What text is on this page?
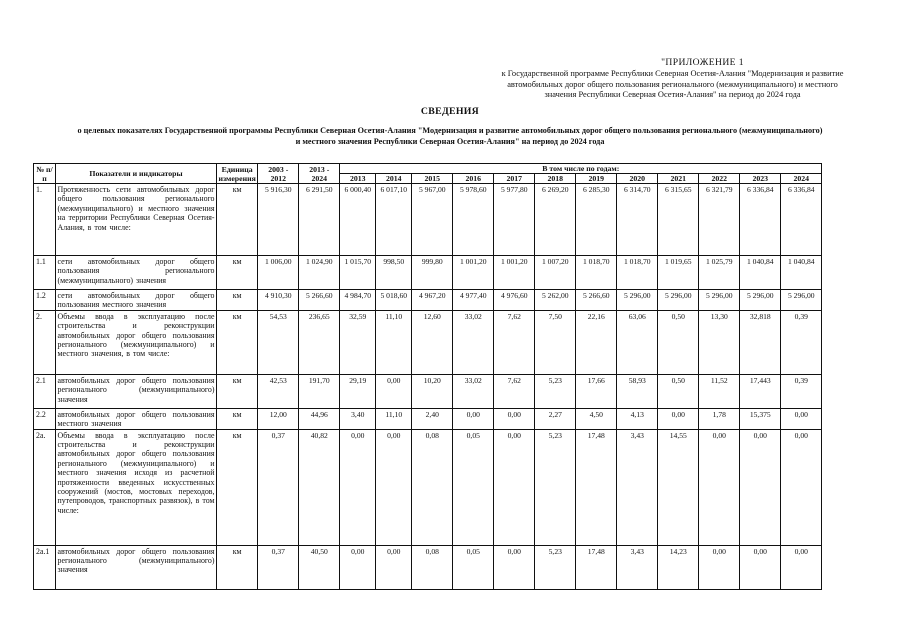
"ПРИЛОЖЕНИЕ 1
к Государственной программе Республики Северная Осетия-Алания "Модернизация и развитие
автомобильных дорог общего пользования регионального (межмуниципального) и местного
значения Республики Северная Осетия-Алания" на период до 2024 года
СВЕДЕНИЯ
о целевых показателях Государственной программы Республики Северная Осетия-Алания "Модернизация и развитие автомобильных дорог общего пользования регионального (межмуниципального)
и местного значения Республики Северная Осетия-Алания" на период до 2024 года
№ п/п	Показатели и индикаторы	Единица измерения	2003 - 2012	2013 - 2024	В том числе по годам:											
					2013	2014	2015	2016	2017	2018	2019	2020	2021	2022	2023	2024
1.	Протяженность сети автомобильных дорог общего пользования регионального (межмуниципального) и местного значения на территории Республики Северная Осетия-Алания, в том числе:	км	5 916,30	6 291,50	6 000,40	6 017,10	5 967,00	5 978,60	5 977,80	6 269,20	6 285,30	6 314,70	6 315,65	6 321,79	6 336,84	6 336,84
1.1	сети автомобильных дорог общего пользования регионального (межмуниципального) значения	км	1 006,00	1 024,90	1 015,70	998,50	999,80	1 001,20	1 001,20	1 007,20	1 018,70	1 018,70	1 019,65	1 025,79	1 040,84	1 040,84
1.2	сети автомобильных дорог общего пользования местного значения	км	4 910,30	5 266,60	4 984,70	5 018,60	4 967,20	4 977,40	4 976,60	5 262,00	5 266,60	5 296,00	5 296,00	5 296,00	5 296,00	5 296,00
2.	Объемы ввода в эксплуатацию после строительства и реконструкции автомобильных дорог общего пользования регионального (межмуниципального) и местного значения, в том числе:	км	54,53	236,65	32,59	11,10	12,60	33,02	7,62	7,50	22,16	63,06	0,50	13,30	32,818	0,39
2.1	автомобильных дорог общего пользования регионального (межмуниципального) значения	км	42,53	191,70	29,19	0,00	10,20	33,02	7,62	5,23	17,66	58,93	0,50	11,52	17,443	0,39
2.2	автомобильных дорог общего пользования местного значения	км	12,00	44,96	3,40	11,10	2,40	0,00	0,00	2,27	4,50	4,13	0,00	1,78	15,375	0,00
2а.	Объемы ввода в эксплуатацию после строительства и реконструкции автомобильных дорог общего пользования регионального (межмуниципального) и местного значения исходя из расчетной протяженности введенных искусственных сооружений (мостов, мостовых переходов, путепроводов, транспортных развязок), в том числе:	км	0,37	40,82	0,00	0,00	0,08	0,05	0,00	5,23	17,48	3,43	14,55	0,00	0,00	0,00
2а.1	автомобильных дорог общего пользования регионального (межмуниципального) значения	км	0,37	40,50	0,00	0,00	0,08	0,05	0,00	5,23	17,48	3,43	14,23	0,00	0,00	0,00
